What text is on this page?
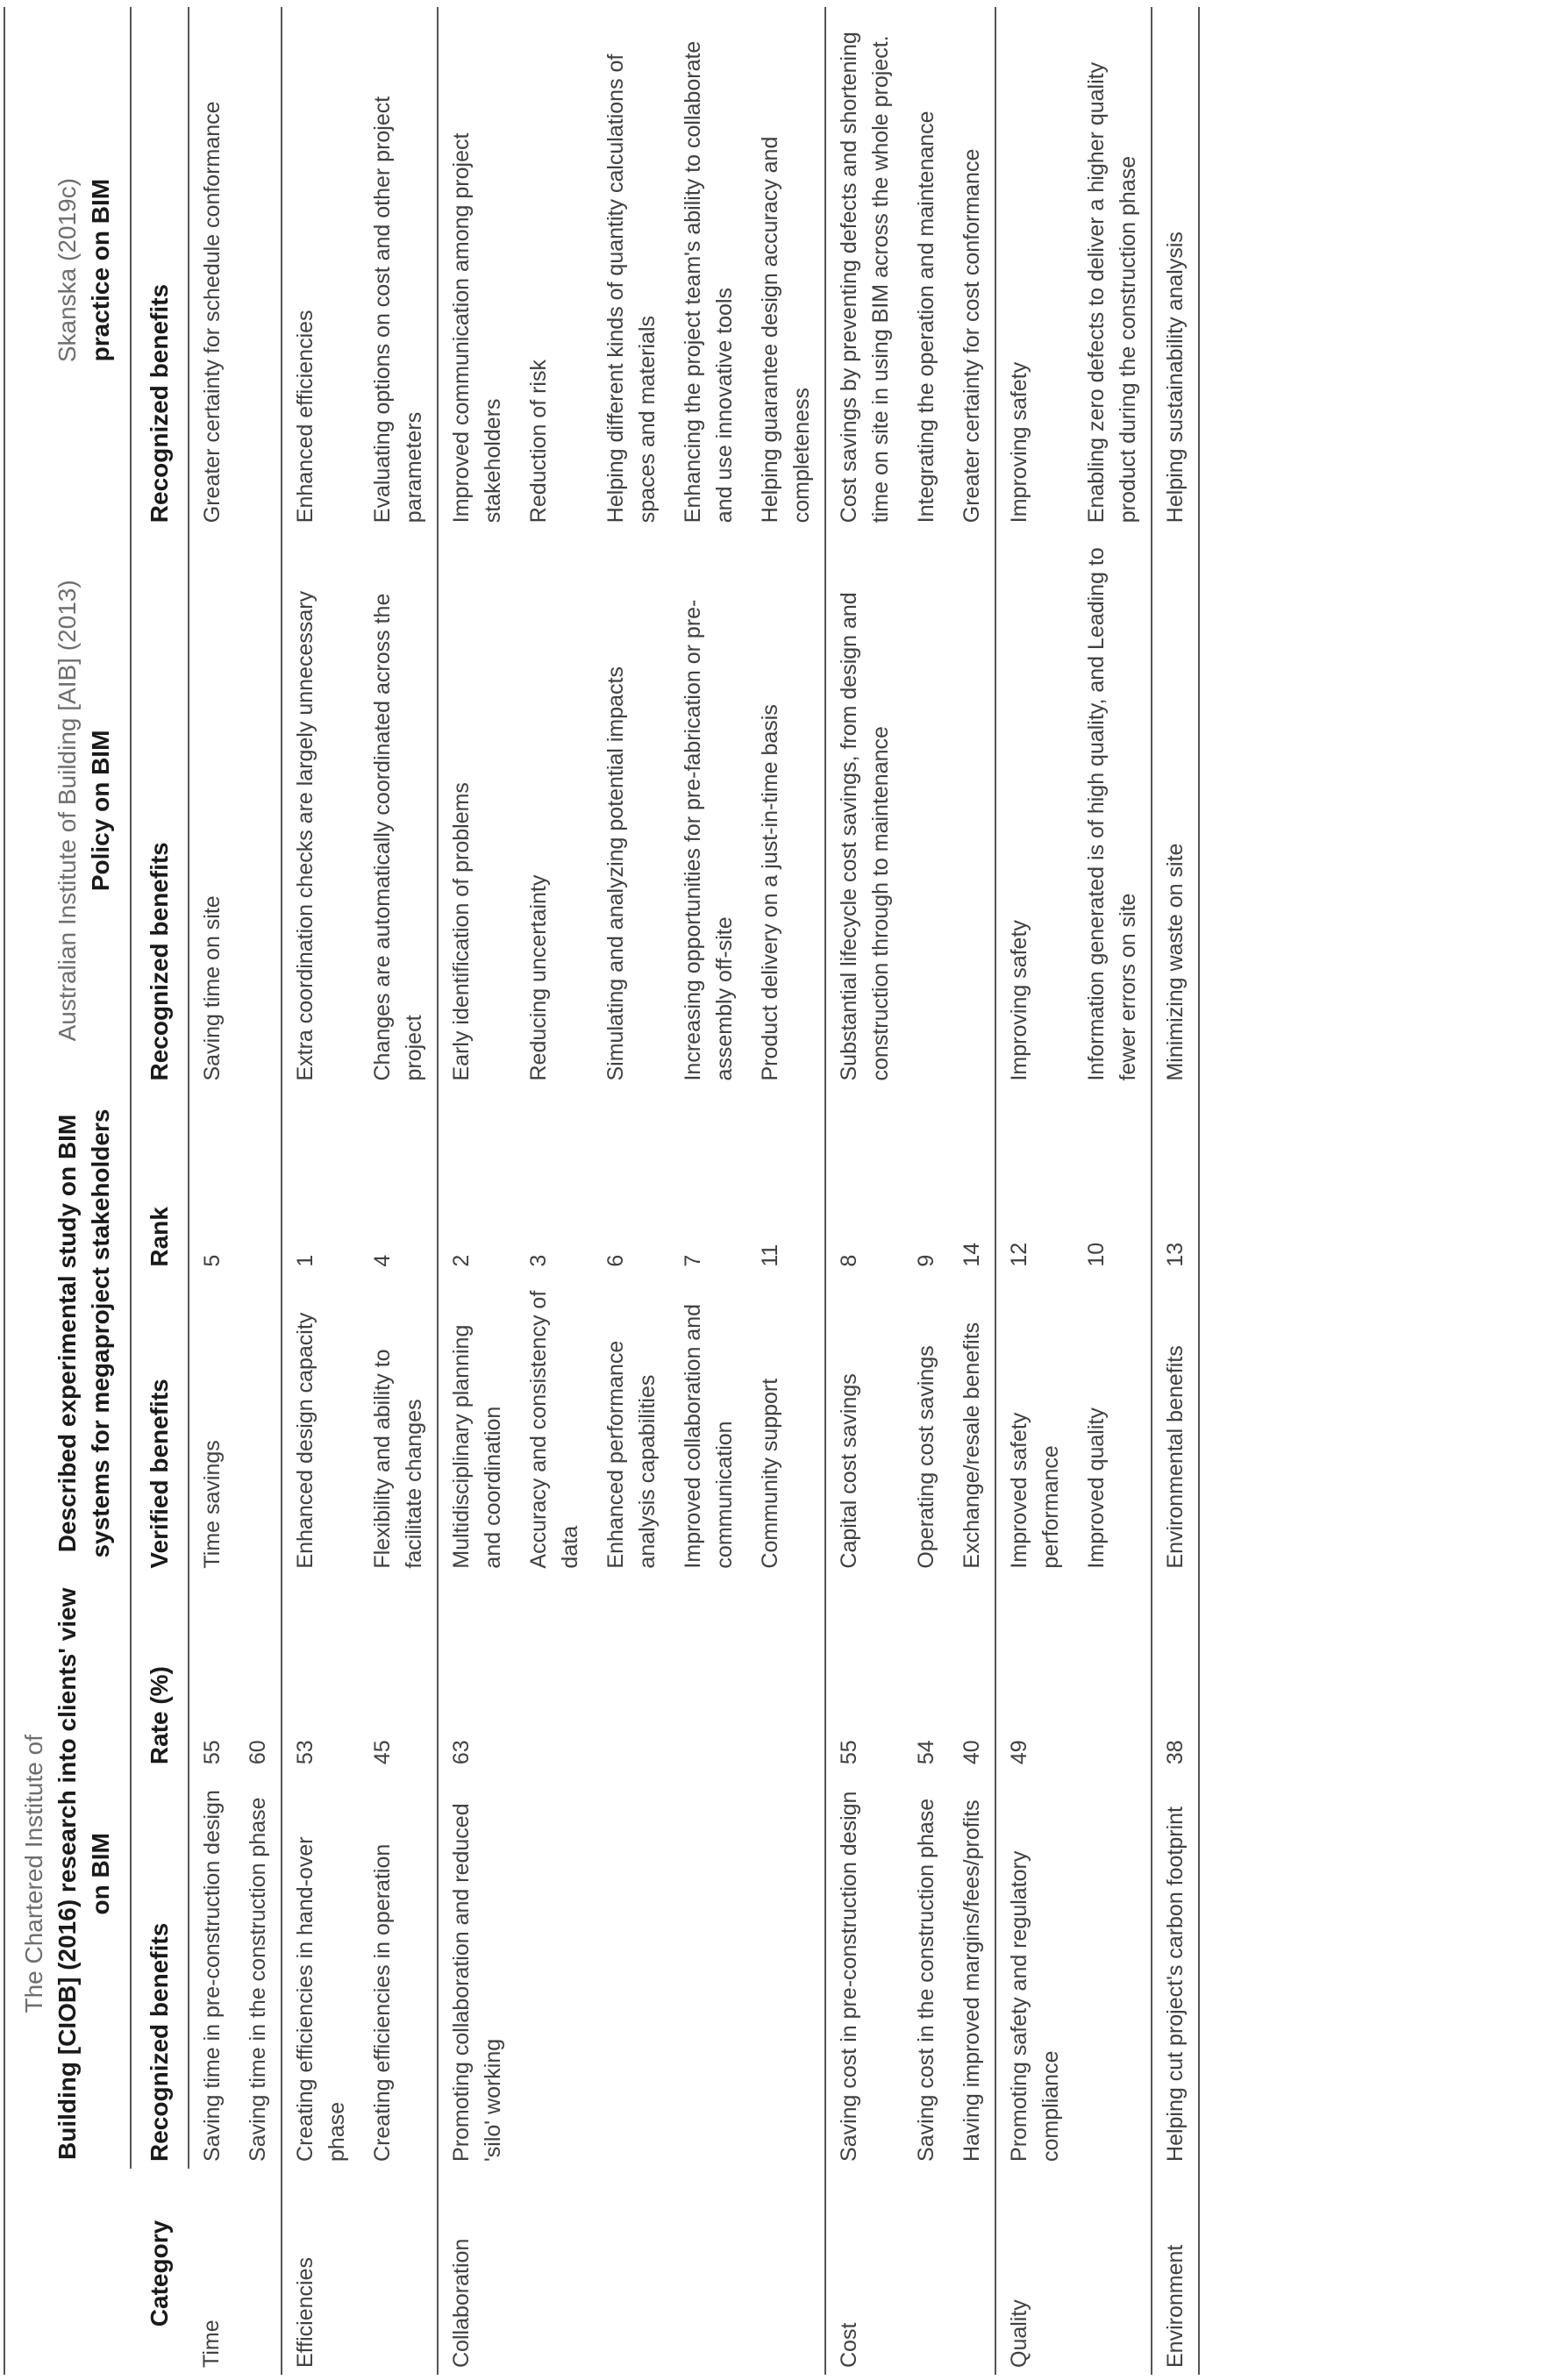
Category	The Chartered Institute of Building [CIOB] (2016) research into clients' view on BIM		Described experimental study on BIM systems for megaproject stakeholders		Australian Institute of Building [AIB] (2013) Policy on BIM	Skanska (2019c) practice on BIM
	Recognized benefits	Rate (%)	Verified benefits	Rank	Recognized benefits	Recognized benefits
Time	Saving time in pre-construction design	55	Time savings	5	Saving time on site	Greater certainty for schedule conformance
	Saving time in the construction phase	60				
Efficiencies	Creating efficiencies in hand-over phase	53	Enhanced design capacity	1	Extra coordination checks are largely unnecessary	Enhanced efficiencies
	Creating efficiencies in operation	45	Flexibility and ability to facilitate changes	4	Changes are automatically coordinated across the project	Evaluating options on cost and other project parameters
Collaboration	Promoting collaboration and reduced 'silo' working	63	Multidisciplinary planning and coordination	2	Early identification of problems	Improved communication among project stakeholders
			Accuracy and consistency of data	3	Reducing uncertainty	Reduction of risk
			Enhanced performance analysis capabilities	6	Simulating and analyzing potential impacts	Helping different kinds of quantity calculations of spaces and materials
			Improved collaboration and communication	7	Increasing opportunities for pre-fabrication or pre-assembly off-site	Enhancing the project team's ability to collaborate and use innovative tools
			Community support	11	Product delivery on a just-in-time basis	Helping guarantee design accuracy and completeness
Cost	Saving cost in pre-construction design	55	Capital cost savings	8	Substantial lifecycle cost savings, from design and construction through to maintenance	Cost savings by preventing defects and shortening time on site in using BIM across the whole project.
	Saving cost in the construction phase	54	Operating cost savings	9		Integrating the operation and maintenance
	Having improved margins/fees/profits	40	Exchange/resale benefits	14		Greater certainty for cost conformance
Quality	Promoting safety and regulatory compliance	49	Improved safety performance	12	Improving safety	Improving safety
			Improved quality	10	Information generated is of high quality, and Leading to fewer errors on site	Enabling zero defects to deliver a higher quality product during the construction phase
Environment	Helping cut project's carbon footprint	38	Environmental benefits	13	Minimizing waste on site	Helping sustainability analysis
